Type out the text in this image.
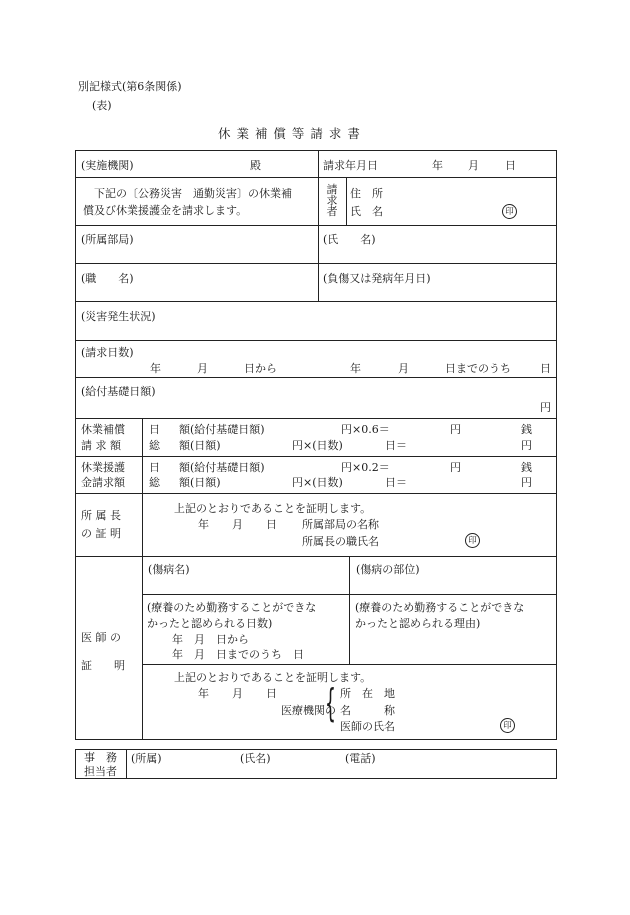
別記様式(第6条関係)
(表)
休 業 補 償 等 請 求 書
(実施機関)	殿	請求年月日	年 月 日
下記の〔公務災害　通勤災害〕の休業補
償及び休業援護金を請求します。
請求者
住　所
氏　名	印
(所属部局)	(氏　　名)
(職　　名)	(負傷又は発病年月日)
(災害発生状況)
(請求日数)
年	月	日から	年	月	日までのうち	日
(給付基礎日額)
円
休業補償
請 求 額
日 額(給付基礎日額)	円×0.6＝	円	銭
総 額(日額)	円×(日数)	日＝	円
休業援護
金請求額
日 額(給付基礎日額)	円×0.2＝	円	銭
総 額(日額)	円×(日数)	日＝	円
所 属 長
の 証 明
上記のとおりであることを証明します。
年 月 日 所属部局の名称
所属長の職氏名	印
医 師 の
証　　明
(傷病名)	(傷病の部位)
(療養のため勤務することができな
かったと認められる日数)
年　月　日から
年　月　日までのうち　日
(療養のため勤務することができな
かったと認められる理由)
上記のとおりであることを証明します。
年 月 日
医療機関の
{ 所　在　地
名　　　称
医師の氏名	印
事　務
担当者
(所属)	(氏名)	(電話)
